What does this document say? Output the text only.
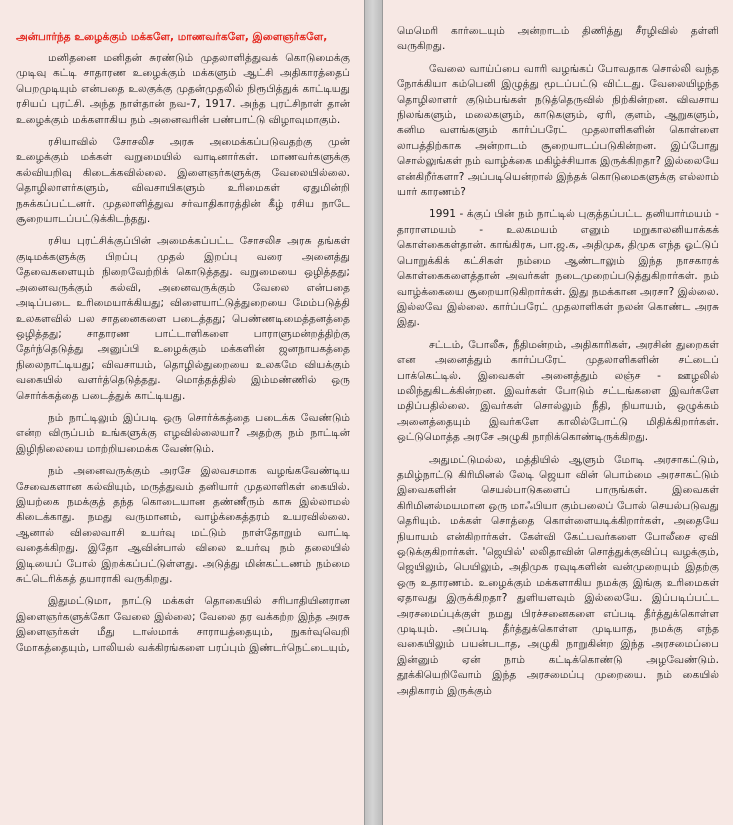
அன்பார்ந்த உழைக்கும் மக்களே, மாணவர்களே, இளைஞர்களே,

மனிதனை மனிதன் சுரண்டும் முதலாளித்துவக் கொடுமைக்கு முடிவு கட்டி சாதாரண உழைக்கும் மக்களும் ஆட்சி அதிகாரத்தைப் பெறமுடியும் என்பதை உலகுக்கு முதன்முதலில் நிரூபித்துக் காட்டியது ரசியப் புரட்சி. அந்த நாள்தான் நவ-7, 1917. அந்த புரட்சிநாள் தான் உழைக்கும் மக்களாகிய நம் அனைவரின் பண்பாட்டு விழாவுமாகும்.

ரசியாவில் சோசலிச அரசு அமைக்கப்படுவதற்கு முன் உழைக்கும் மக்கள் வறுமையில் வாடினார்கள். மாணவர்களுக்கு கல்வியறிவு கிடைக்கவில்லை. இளைஞர்களுக்கு வேலையில்லை. தொழிலாளர்களும், விவசாயிகளும் உரிமைகள் ஏதுமின்றி நசுக்கப்பட்டனர். முதலாளித்துவ சர்வாதிகாரத்தின் கீழ் ரசிய நாடே சூறையாடப்பட்டுக்கிடந்தது.

ரசிய புரட்சிக்குப்பின் அமைக்கப்பட்ட சோசலிச அரசு தங்கள் குடிமக்களுக்கு பிறப்பு முதல் இறப்பு வரை அனைத்து தேவைகளையும் நிறைவேற்றிக் கொடுத்தது. வறுமையை ஒழித்தது; அனைவருக்கும் கல்வி, அனைவருக்கும் வேலை என்பதை அடிப்படை உரிமையாக்கியது; விளையாட்டுத்துறையை மேம்படுத்தி உலகளவில் பல சாதனைகளை படைத்தது; பெண்ணடிமைத்தனத்தை ஒழித்தது; சாதாரண பாட்டாளிகளை பாராளுமன்றத்திற்கு தேர்ந்தெடுத்து அனுப்பி உழைக்கும் மக்களின் ஜனநாயகத்தை நிலைநாட்டியது; விவசாயம், தொழில்துறையை உலகமே வியக்கும் வகையில் வளர்த்தெடுத்தது. மொத்தத்தில் இம்மண்ணில் ஒரு சொர்க்கத்தை படைத்துக் காட்டியது.

நம் நாட்டிலும் இப்படி ஒரு சொர்க்கத்தை படைக்க வேண்டும் என்ற விருப்பம் உங்களுக்கு எழவில்லையா? அதற்கு நம் நாட்டின் இழிநிலையை மாற்றியமைக்க வேண்டும்.

நம் அனைவருக்கும் அரசே இலவசமாக வழங்கவேண்டிய சேவைகளான கல்வியும், மருத்துவம் தனியார் முதலாளிகள் கையில். இயற்கை நமக்குத் தந்த கொடையான தண்ணீரும் காசு இல்லாமல் கிடைக்காது. நமது வருமானம், வாழ்க்கைத்தரம் உயரவில்லை. ஆனால் விலைவாசி உயர்வு மட்டும் நாள்தோறும் வாட்டி வதைக்கிறது. இதோ ஆவின்பால் விலை உயர்வு நம் தலையில் இடியைப் போல் இறக்கப்பட்டுள்ளது. அடுத்து மின்கட்டணம் நம்மை சுட்டெரிக்கத் தயாராகி வருகிறது.

இதுமட்டுமா, நாட்டு மக்கள் தொகையில் சரிபாதியினரான இளைஞர்களுக்கோ வேலை இல்லை; வேலை தர வக்கற்ற இந்த அரசு இளைஞர்கள் மீது டாஸ்மாக் சாராயத்தையும், நுகர்வுவெறி மோகத்தையும், பாலியல் வக்கிரங்களை பரப்பும் இண்டர்நெட்டையும்,

மெமெரி கார்டையும் அன்றாடம் திணித்து சீரழிவில் தள்ளி வருகிறது.

வேலை வாய்ப்பை வாரி வழங்கப் போவதாக சொல்லி வந்த நோக்கியா கம்பெனி இழுத்து மூடப்பட்டு விட்டது. வேலையிழந்த தொழிலாளர் குடும்பங்கள் நடுத்தெருவில் நிற்கின்றன. விவசாய நிலங்களும், மலைகளும், காடுகளும், ஏரி, குளம், ஆறுகளும், கனிம வளங்களும் கார்ப்பரேட் முதலாளிகளின் கொள்ளை லாபத்திற்காக அன்றாடம் சூறையாடப்படுகின்றன. இப்போது சொல்லுங்கள் நம் வாழ்க்கை மகிழ்ச்சியாக இருக்கிறதா? இல்லையே என்கிறீர்களா? அப்படியென்றால் இந்தக் கொடுமைகளுக்கு எல்லாம் யார் காரணம்?

1991 - க்குப் பின் நம் நாட்டில் புகுத்தப்பட்ட தனியார்மயம் - தாராளமயம் - உலகமயம் எனும் மறுகாலனியாக்கக் கொள்கைகள்தான். காங்கிரசு, பா.ஜ.க, அதிமுக, திமுக எந்த ஓட்டுப் பொறுக்கிக் கட்சிகள் நம்மை ஆண்டாலும் இந்த நாசகாரக் கொள்கைகளைத்தான் அவர்கள் நடைமுறைப்படுத்துகிறார்கள். நம் வாழ்க்கையை சூறையாடுகிறார்கள். இது நமக்கான அரசா? இல்லை. இல்லவே இல்லை. கார்ப்பரேட் முதலாளிகள் நலன் கொண்ட அரசு இது.

சட்டம், போலீசு, நீதிமன்றம், அதிகாரிகள், அரசின் துறைகள் என அனைத்தும் கார்ப்பரேட் முதலாளிகளின் சட்டைப் பாக்கெட்டில். இவைகள் அனைத்தும் லஞ்ச - ஊழலில் மலிந்துகிடக்கின்றன. இவர்கள் போடும் சட்டங்களை இவர்களே மதிப்பதில்லை. இவர்கள் சொல்லும் நீதி, நியாயம், ஒழுக்கம் அனைத்தையும் இவர்களே காலில்போட்டு மிதிக்கிறார்கள். ஒட்டுமொத்த அரசே அழுகி நாறிக்கொண்டிருக்கிறது.

அதுமட்டுமல்ல, மத்தியில் ஆளும் மோடி அரசாகட்டும், தமிழ்நாட்டு கிரிமினல் லேடி ஜெயா வின் பொம்மை அரசாகட்டும் இவைகளின் செயல்பாடுகளைப் பாருங்கள். இவைகள் கிரிமினல்மயமான ஒரு மாஃபியா கும்பலைப் போல் செயல்படுவது தெரியும். மக்கள் சொத்தை கொள்ளையடிக்கிறார்கள், அதையே நியாயம் என்கிறார்கள். கேள்வி கேட்பவர்களை போலீசை ஏவி ஒடுக்குகிறார்கள். 'ஜெயில்' லலிதாவின் சொத்துக்குவிப்பு வழக்கும், ஜெயிலும், பெயிலும், அதிமுக ரவுடிகளின் வன்முறையும் இதற்கு ஒரு உதாரணம். உழைக்கும் மக்களாகிய நமக்கு இங்கு உரிமைகள் ஏதாவது இருக்கிறதா? துளியளவும் இல்லையே. இப்படிப்பட்ட அரசமைப்புக்குள் நமது பிரச்சனைகளை எப்படி தீர்த்துக்கொள்ள முடியும். அப்படி தீர்த்துக்கொள்ள முடியாத, நமக்கு எந்த வகையிலும் பயன்படாத, அழுகி நாறுகின்ற இந்த அரசமைப்பை இன்னும் ஏன் நாம் கட்டிக்கொண்டு அழவேண்டும். தூக்கியெறிவோம் இந்த அரசமைப்பு முறையை. நம் கையில் அதிகாரம் இருக்கும்
